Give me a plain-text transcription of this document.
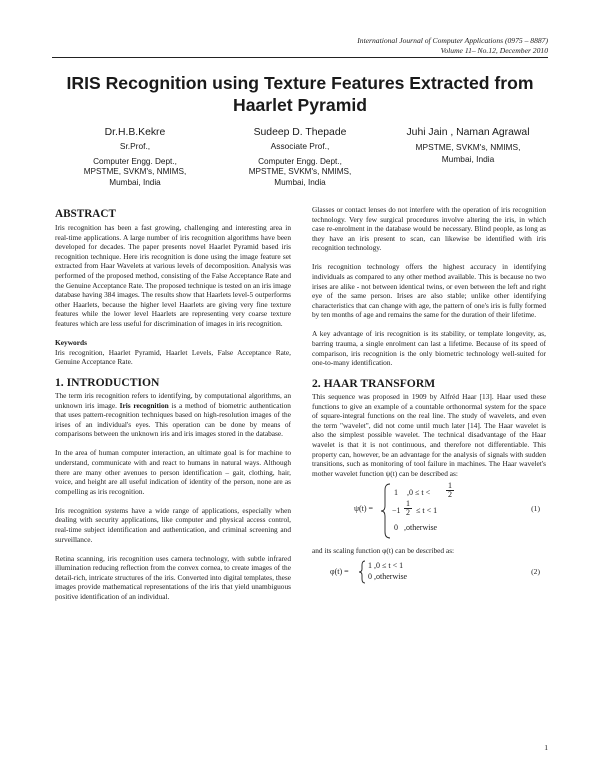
International Journal of Computer Applications (0975 – 8887)
Volume 11– No.12, December 2010
IRIS Recognition using Texture Features Extracted from
Haarlet Pyramid
Dr.H.B.Kekre
Sr.Prof.,
Computer Engg. Dept.,
MPSTME, SVKM's, NMIMS,
Mumbai, India
Sudeep D. Thepade
Associate Prof.,
Computer Engg. Dept.,
MPSTME, SVKM's, NMIMS,
Mumbai, India
Juhi Jain , Naman Agrawal
MPSTME, SVKM's, NMIMS,
Mumbai, India
ABSTRACT

Iris recognition has been a fast growing, challenging and interesting area in real-time applications. A large number of iris recognition algorithms have been developed for decades. The paper presents novel Haarlet Pyramid based iris recognition technique. Here iris recognition is done using the image feature set extracted from Haar Wavelets at various levels of decomposition. Analysis was performed of the proposed method, consisting of the False Acceptance Rate and the Genuine Acceptance Rate. The proposed technique is tested on an iris image database having 384 images. The results show that Haarlets level-5 outperforms other Haarlets, because the higher level Haarlets are giving very fine texture features while the lower level Haarlets are representing very coarse texture features which are less useful for discrimination of images in iris recognition.

Keywords

Iris recognition, Haarlet Pyramid, Haarlet Levels, False Acceptance Rate, Genuine Acceptance Rate.

1. INTRODUCTION

The term iris recognition refers to identifying, by computational algorithms, an unknown iris image. Iris recognition is a method of biometric authentication that uses pattern-recognition techniques based on high-resolution images of the irises of an individual's eyes. This operation can be done by means of comparisons between the unknown iris and iris images stored in the database.

In the area of human computer interaction, an ultimate goal is for machine to understand, communicate with and react to humans in natural ways. Although there are many other avenues to person identification – gait, clothing, hair, voice, and height are all useful indication of identity of the person, none are as compelling as iris recognition.

Iris recognition systems have a wide range of applications, especially when dealing with security applications, like computer and physical access control, real-time subject identification and authentication, and criminal screening and surveillance.

Retina scanning, iris recognition uses camera technology, with subtle infrared illumination reducing reflection from the convex cornea, to create images of the detail-rich, intricate structures of the iris. Converted into digital templates, these images provide mathematical representations of the iris that yield unambiguous positive identification of an individual.

Glasses or contact lenses do not interfere with the operation of iris recognition technology. Very few surgical procedures involve altering the iris, in which case re-enrolment in the database would be necessary. Blind people, as long as they have an iris present to scan, can likewise be identified with iris recognition technology.

Iris recognition technology offers the highest accuracy in identifying individuals as compared to any other method available. This is because no two irises are alike - not between identical twins, or even between the left and right eye of the same person. Irises are also stable; unlike other identifying characteristics that can change with age, the pattern of one's iris is fully formed by ten months of age and remains the same for the duration of their lifetime.

A key advantage of iris recognition is its stability, or template longevity, as, barring trauma, a single enrolment can last a lifetime. Because of its speed of comparison, iris recognition is the only biometric technology well-suited for one-to-many identification.

2. HAAR TRANSFORM

This sequence was proposed in 1909 by Alfréd Haar [13]. Haar used these functions to give an example of a countable orthonormal system for the space of square-integral functions on the real line. The study of wavelets, and even the term "wavelet", did not come until much later [14]. The Haar wavelet is also the simplest possible wavelet. The technical disadvantage of the Haar wavelet is that it is not continuous, and therefore not differentiable. This property can, however, be an advantage for the analysis of signals with sudden transitions, such as monitoring of tool failure in machines. The Haar wavelet's mother wavelet function ψ(t) can be described as:

ψ(t) =
1 $,0 \le t < \frac{1}{2}$
$-1 \frac{1}{2} \le t < 1$
0 ,otherwise
(1)

and its scaling function φ(t) can be described as:

φ(t) =
1 ,0 ≤ t < 1
0 ,otherwise
(2)
1
